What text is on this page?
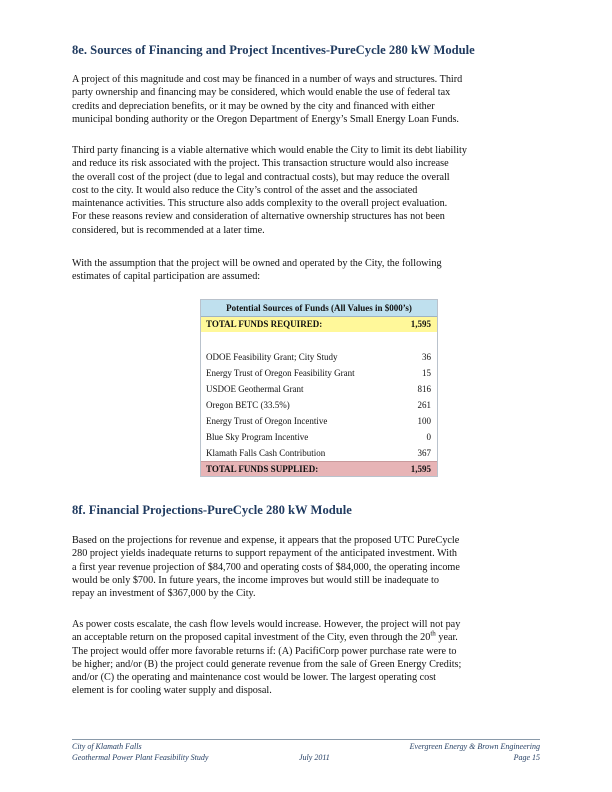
8e. Sources of Financing and Project Incentives-PureCycle 280 kW Module
A project of this magnitude and cost may be financed in a number of ways and structures. Third
party ownership and financing may be considered, which would enable the use of federal tax
credits and depreciation benefits, or it may be owned by the city and financed with either
municipal bonding authority or the Oregon Department of Energy’s Small Energy Loan Funds.
Third party financing is a viable alternative which would enable the City to limit its debt liability
and reduce its risk associated with the project. This transaction structure would also increase
the overall cost of the project (due to legal and contractual costs), but may reduce the overall
cost to the city. It would also reduce the City’s control of the asset and the associated
maintenance activities. This structure also adds complexity to the overall project evaluation.
For these reasons review and consideration of alternative ownership structures has not been
considered, but is recommended at a later time.
With the assumption that the project will be owned and operated by the City, the following
estimates of capital participation are assumed:
Potential Sources of Funds (All Values in $000’s)
TOTAL FUNDS REQUIRED:	1,595
ODOE Feasibility Grant; City Study	36
Energy Trust of Oregon Feasibility Grant	15
USDOE Geothermal Grant	816
Oregon BETC (33.5%)	261
Energy Trust of Oregon Incentive	100
Blue Sky Program Incentive	0
Klamath Falls Cash Contribution	367
TOTAL FUNDS SUPPLIED:	1,595
8f. Financial Projections-PureCycle 280 kW Module
Based on the projections for revenue and expense, it appears that the proposed UTC PureCycle
280 project yields inadequate returns to support repayment of the anticipated investment. With
a first year revenue projection of $84,700 and operating costs of $84,000, the operating income
would be only $700. In future years, the income improves but would still be inadequate to
repay an investment of $367,000 by the City.
As power costs escalate, the cash flow levels would increase. However, the project will not pay
an acceptable return on the proposed capital investment of the City, even through the 20th year.
The project would offer more favorable returns if: (A) PacifiCorp power purchase rate were to
be higher; and/or (B) the project could generate revenue from the sale of Green Energy Credits;
and/or (C) the operating and maintenance cost would be lower. The largest operating cost
element is for cooling water supply and disposal.
City of Klamath Falls
Geothermal Power Plant Feasibility Study	July 2011
Evergreen Energy & Brown Engineering
Page 15
